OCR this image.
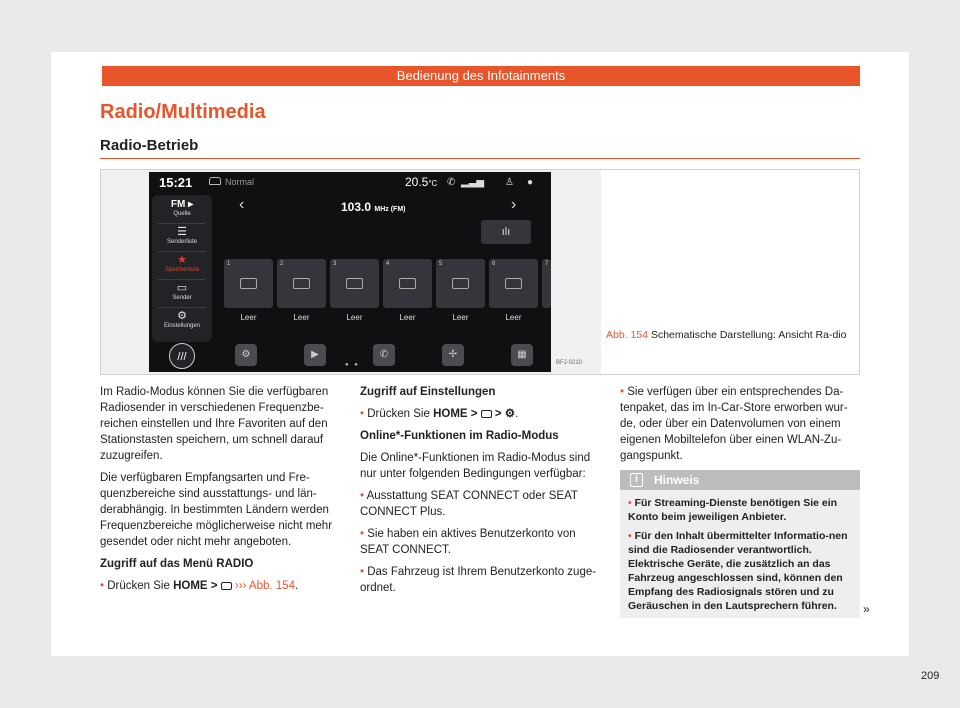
Bedienung des Infotainments
Radio/Multimedia
Radio-Betrieb
15:21	Normal	20.5°C ✆ ▂▃▅ ♙ ●
FM ▸
Quelle
☰
Senderliste
★
Speicherliste
▭
Sender
⚙
Einstellungen
‹	103.0 MHz (FM)	›
ılı
1	2	3	4	5	6	7
Leer	Leer	Leer	Leer	Leer	Leer
///	⚙	▶	✆	✢	▦
● ●	BFJ-0210
Abb. 154 Schematische Darstellung: Ansicht Ra-dio

Im Radio-Modus können Sie die verfügbaren Radiosender in verschiedenen Frequenzbe-reichen einstellen und Ihre Favoriten auf den Stationstasten speichern, um schnell darauf zuzugreifen.

Die verfügbaren Empfangsarten und Fre-quenzbereiche sind ausstattungs- und län-derabhängig. In bestimmten Ländern werden Frequenzbereiche möglicherweise nicht mehr gesendet oder nicht mehr angeboten.

Zugriff auf das Menü RADIO

• Drücken Sie HOME >  ››› Abb. 154.

Zugriff auf Einstellungen

• Drücken Sie HOME >  > ⚙.

Online*-Funktionen im Radio-Modus

Die Online*-Funktionen im Radio-Modus sind nur unter folgenden Bedingungen verfügbar:

• Ausstattung SEAT CONNECT oder SEAT CONNECT Plus.

• Sie haben ein aktives Benutzerkonto von SEAT CONNECT.

• Das Fahrzeug ist Ihrem Benutzerkonto zuge-ordnet.

• Sie verfügen über ein entsprechendes Da-tenpaket, das im In-Car-Store erworben wur-de, oder über ein Datenvolumen von einem eigenen Mobiltelefon über einen WLAN-Zu-gangspunkt.

i	Hinweis

• Für Streaming-Dienste benötigen Sie ein Konto beim jeweiligen Anbieter.

• Für den Inhalt übermittelter Informatio-nen sind die Radiosender verantwortlich. Elektrische Geräte, die zusätzlich an das Fahrzeug angeschlossen sind, können den Empfang des Radiosignals stören und zu Geräuschen in den Lautsprechern führen.	»
209
